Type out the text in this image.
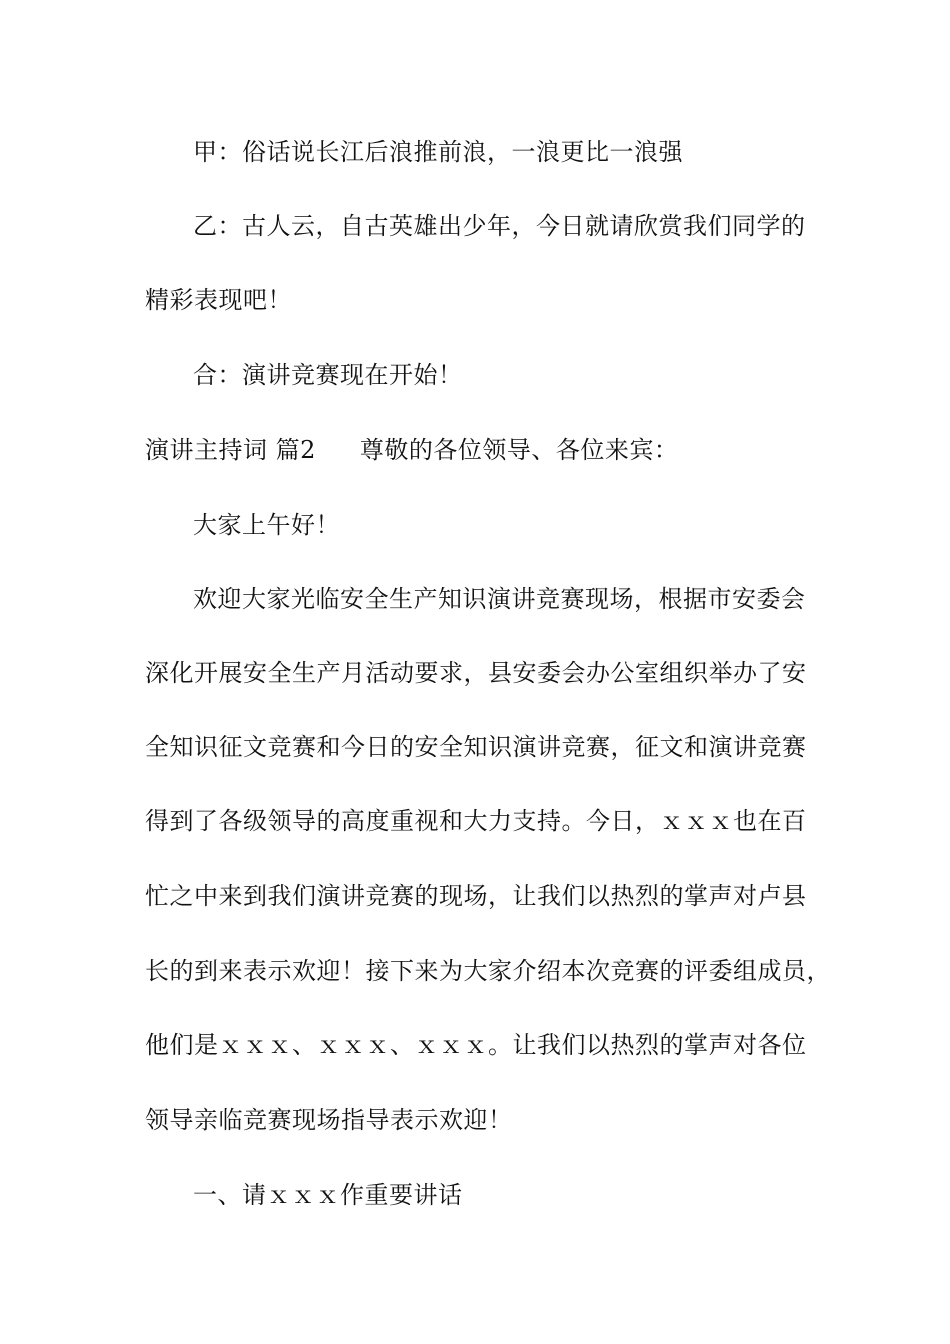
甲：俗话说长江后浪推前浪，一浪更比一浪强
乙：古人云，自古英雄出少年，今日就请欣赏我们同学的
精彩表现吧！
合：演讲竞赛现在开始！
演讲主持词 篇2 尊敬的各位领导、各位来宾：
大家上午好！
欢迎大家光临安全生产知识演讲竞赛现场，根据市安委会
深化开展安全生产月活动要求，县安委会办公室组织举办了安
全知识征文竞赛和今日的安全知识演讲竞赛，征文和演讲竞赛
得到了各级领导的高度重视和大力支持。今日，ｘｘｘ也在百
忙之中来到我们演讲竞赛的现场，让我们以热烈的掌声对卢县
长的到来表示欢迎！接下来为大家介绍本次竞赛的评委组成员，
他们是ｘｘｘ、ｘｘｘ、ｘｘｘ。让我们以热烈的掌声对各位
领导亲临竞赛现场指导表示欢迎！
一、请ｘｘｘ作重要讲话
